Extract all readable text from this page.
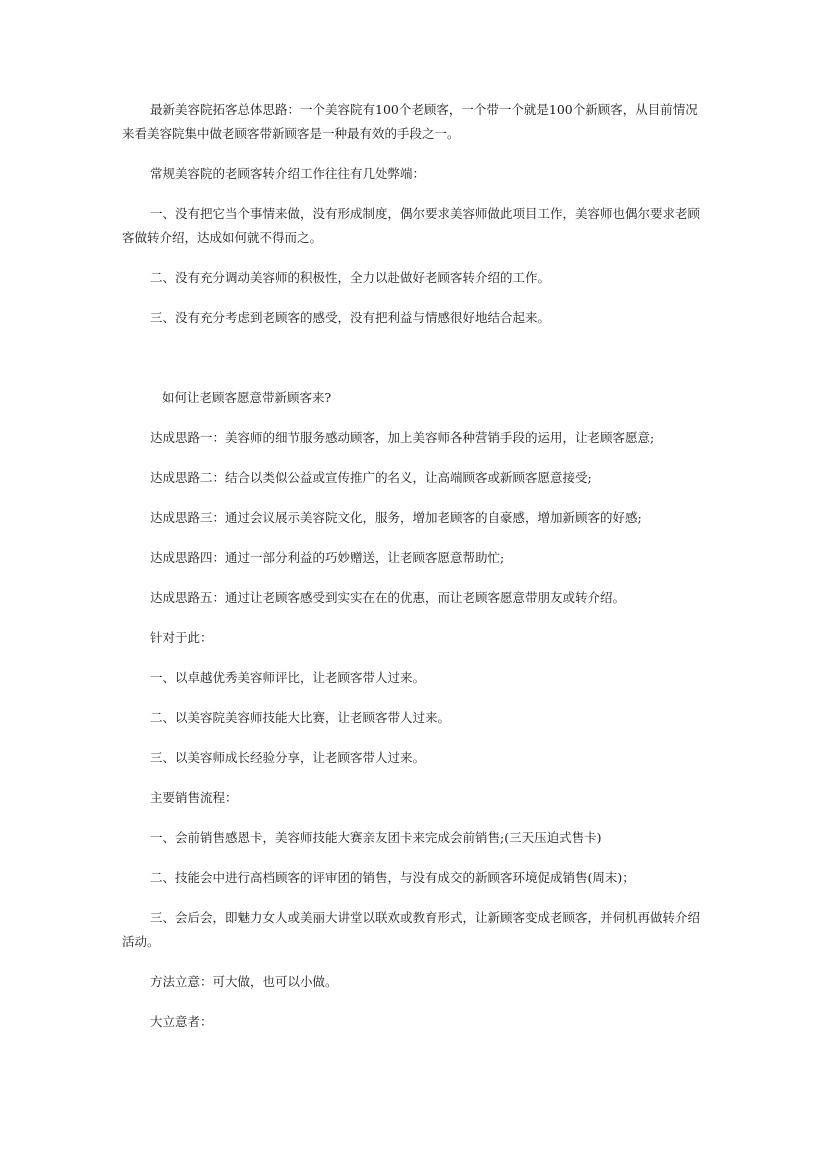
最新美容院拓客总体思路：一个美容院有100个老顾客，一个带一个就是100个新顾客，从目前情况来看美容院集中做老顾客带新顾客是一种最有效的手段之一。

常规美容院的老顾客转介绍工作往往有几处弊端：

一、没有把它当个事情来做，没有形成制度，偶尔要求美容师做此项目工作，美容师也偶尔要求老顾客做转介绍，达成如何就不得而之。

二、没有充分调动美容师的积极性，全力以赴做好老顾客转介绍的工作。

三、没有充分考虑到老顾客的感受，没有把利益与情感很好地结合起来。

如何让老顾客愿意带新顾客来?

达成思路一：美容师的细节服务感动顾客，加上美容师各种营销手段的运用，让老顾客愿意;

达成思路二：结合以类似公益或宣传推广的名义，让高端顾客或新顾客愿意接受;

达成思路三：通过会议展示美容院文化，服务，增加老顾客的自豪感，增加新顾客的好感;

达成思路四：通过一部分利益的巧妙赠送，让老顾客愿意帮助忙;

达成思路五：通过让老顾客感受到实实在在的优惠，而让老顾客愿意带朋友或转介绍。

针对于此：

一、以卓越优秀美容师评比，让老顾客带人过来。

二、以美容院美容师技能大比赛，让老顾客带人过来。

三、以美容师成长经验分享，让老顾客带人过来。

主要销售流程：

一、会前销售感恩卡，美容师技能大赛亲友团卡来完成会前销售;(三天压迫式售卡)

二、技能会中进行高档顾客的评审团的销售，与没有成交的新顾客环境促成销售(周末)；

三、会后会，即魅力女人或美丽大讲堂以联欢或教育形式，让新顾客变成老顾客，并伺机再做转介绍活动。

方法立意：可大做，也可以小做。

大立意者：
